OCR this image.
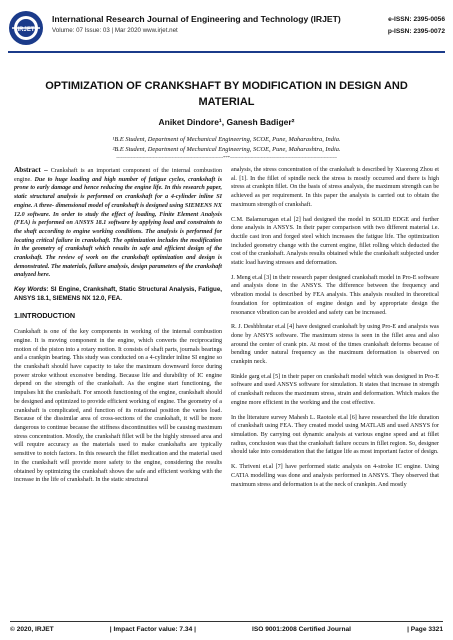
IRJET
International Research Journal of Engineering and Technology (IRJET)
Volume: 07 Issue: 03 | Mar 2020 www.irjet.net
e-ISSN: 2395-0056
p-ISSN: 2395-0072
OPTIMIZATION OF CRANKSHAFT BY MODIFICATION IN DESIGN AND MATERIAL
Aniket Dindore¹, Ganesh Badiger²
¹B.E Student, Department of Mechanical Engineering, SCOE, Pune, Maharashtra, India.
²B.E Student, Department of Mechanical Engineering, SCOE, Pune, Maharashtra, India.
-------------------------------------------------------------------------***-------------------------------------------------------------------------

Abstract – Crankshaft is an important component of the internal combustion engine. Due to huge loading and high number of fatigue cycles, crankshaft is prone to early damage and hence reducing the engine life. In this research paper, static structural analysis is performed on crankshaft for a 4-cylinder inline SI engine. A three- dimensional model of crankshaft is designed using SIEMENS NX 12.0 software. In order to study the effect of loading, Finite Element Analysis (FEA) is performed on ANSYS 18.1 software by applying load and constraints to the shaft according to engine working conditions. The analysis is performed for locating critical failure in crankshaft. The optimization includes the modification in the geometry of crankshaft which results in safe and efficient design of the crankshaft. The review of work on the crankshaft optimization and design is demonstrated. The materials, failure analysis, design parameters of the crankshaft analyzed here.

Key Words: SI Engine, Crankshaft, Static Structural Analysis, Fatigue, ANSYS 18.1, SIEMENS NX 12.0, FEA.

1.INTRODUCTION

Crankshaft is one of the key components in working of the internal combustion engine. It is moving component in the engine, which converts the reciprocating motion of the piston into a rotary motion. It consists of shaft parts, journals bearings and a crankpin bearing. This study was conducted on a 4-cylinder inline SI engine so the crankshaft should have capacity to take the maximum downward force during power stroke without excessive bending. Because life and durability of IC engine depend on the strength of the crankshaft. As the engine start functioning, the impulses hit the crankshaft. For smooth functioning of the engine, crankshaft should be designed and optimized to provide efficient working of engine. The geometry of a crankshaft is complicated, and function of its rotational position the varies load. Because of the dissimilar area of cross-sections of the crankshaft, it will be more dangerous to continue because the stiffness discontinuities will be causing maximum stress concentration. Mostly, the crankshaft fillet will be the highly stressed area and will require accuracy as the materials used to make crankshafts are typically sensitive to notch factors. In this research the fillet medication and the material used in the crankshaft will provide more safety to the engine, considering the results obtained by optimizing the crankshaft shows the safe and efficient working with the increase in the life of crankshaft. In the static structural

analysis, the stress concentration of the crankshaft is described by Xiaorong Zhou et al. [1]. In the fillet of spindle neck the stress is mostly occurred and there is high stress at crankpin fillet. On the basis of stress analysis, the maximum strength can be achieved as per requirement. In this paper the analysis is carried out to obtain the maximum strength of crankshaft.

C.M. Balamurugan et.al [2] had designed the model in SOLID EDGE and further done analysis in ANSYS. In their paper comparison with two different material i.e. ductile cast iron and forged steel which increases the fatigue life. The optimization included geometry change with the current engine, fillet rolling which deducted the cost of the crankshaft. Analysis results obtained while the crankshaft subjected under static load having stresses and deformation.

J. Meng et.al [3] in their research paper designed crankshaft model in Pro-E software and analysis done in the ANSYS. The difference between the frequency and vibration modal is described by FEA analysis. This analysis resulted in theoretical foundation for optimization of engine design and by appropriate design the resonance vibration can be avoided and safety can be increased.

R. J. Deshbhratar et.al [4] have designed crankshaft by using Pro-E and analysis was done by ANSYS software. The maximum stress is seen in the fillet area and also around the center of crank pin. At most of the times crankshaft deforms because of bending under natural frequency as the maximum deformation is observed on crankpin neck.

Rinkle garg et.al [5] in their paper on crankshaft model which was designed in Pro-E software and used ANSYS software for simulation. It states that increase in strength of crankshaft reduces the maximum stress, strain and deformation. Which makes the engine more efficient in the working and the cost effective.

In the literature survey Mahesh L. Raotole et.al [6] have researched the life duration of crankshaft using FEA. They created model using MATLAB and used ANSYS for simulation. By carrying out dynamic analysis at various engine speed and at fillet radius, conclusion was that the crankshaft failure occurs in fillet region. So, designer should take into consideration that the fatigue life as most important factor of design.

K. Thriveni et.al [7] have performed static analysis on 4-stroke IC engine. Using CATIA modelling was done and analysis performed in ANSYS. They observed that maximum stress and deformation is at the neck of crankpin. And mostly

© 2020, IRJET	| Impact Factor value: 7.34 |	ISO 9001:2008 Certified Journal	| Page 3321
